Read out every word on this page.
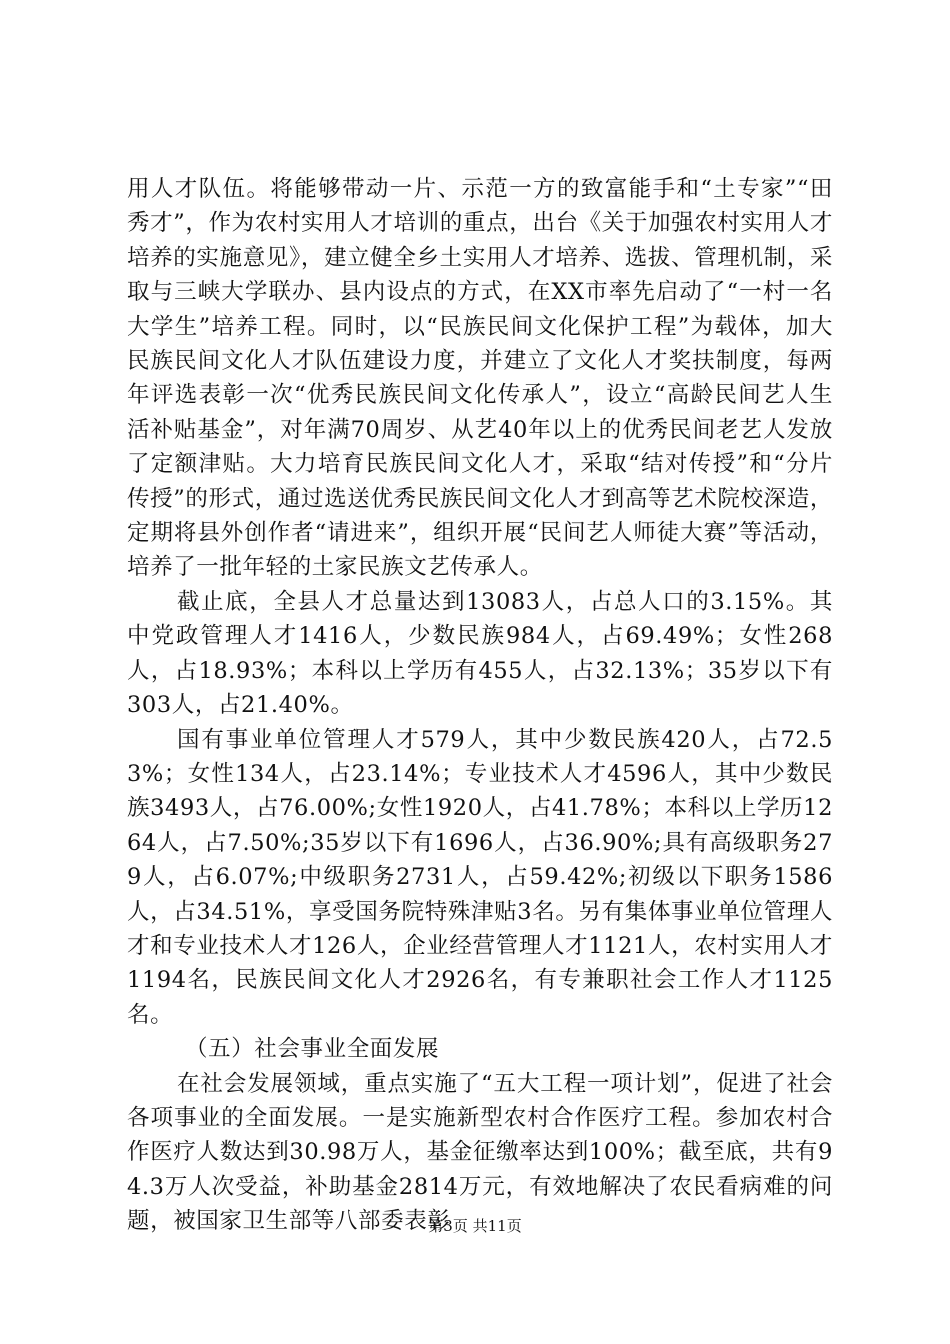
用人才队伍。将能够带动一片、示范一方的致富能手和“土专家”“田秀才”，作为农村实用人才培训的重点，出台《关于加强农村实用人才培养的实施意见》，建立健全乡土实用人才培养、选拔、管理机制，采取与三峡大学联办、县内设点的方式，在XX市率先启动了“一村一名大学生”培养工程。同时，以“民族民间文化保护工程”为载体，加大民族民间文化人才队伍建设力度，并建立了文化人才奖扶制度，每两年评选表彰一次“优秀民族民间文化传承人”，设立“高龄民间艺人生活补贴基金”，对年满70周岁、从艺40年以上的优秀民间老艺人发放了定额津贴。大力培育民族民间文化人才，采取“结对传授”和“分片传授”的形式，通过选送优秀民族民间文化人才到高等艺术院校深造，定期将县外创作者“请进来”，组织开展“民间艺人师徒大赛”等活动，培养了一批年轻的土家民族文艺传承人。

截止底，全县人才总量达到13083人，占总人口的3.15%。其中党政管理人才1416人，少数民族984人，占69.49%；女性268人，占18.93%；本科以上学历有455人，占32.13%；35岁以下有303人，占21.40%。

国有事业单位管理人才579人，其中少数民族420人，占72.53%；女性134人，占23.14%；专业技术人才4596人，其中少数民族3493人，占76.00%;女性1920人，占41.78%；本科以上学历1264人，占7.50%;35岁以下有1696人，占36.90%;具有高级职务279人，占6.07%;中级职务2731人，占59.42%;初级以下职务1586人，占34.51%，享受国务院特殊津贴3名。另有集体事业单位管理人才和专业技术人才126人，企业经营管理人才1121人，农村实用人才1194名，民族民间文化人才2926名，有专兼职社会工作人才1125名。

（五）社会事业全面发展

在社会发展领域，重点实施了“五大工程一项计划”，促进了社会各项事业的全面发展。一是实施新型农村合作医疗工程。参加农村合作医疗人数达到30.98万人，基金征缴率达到100%；截至底，共有94.3万人次受益，补助基金2814万元，有效地解决了农民看病难的问题，被国家卫生部等八部委表彰

第3页 共11页
